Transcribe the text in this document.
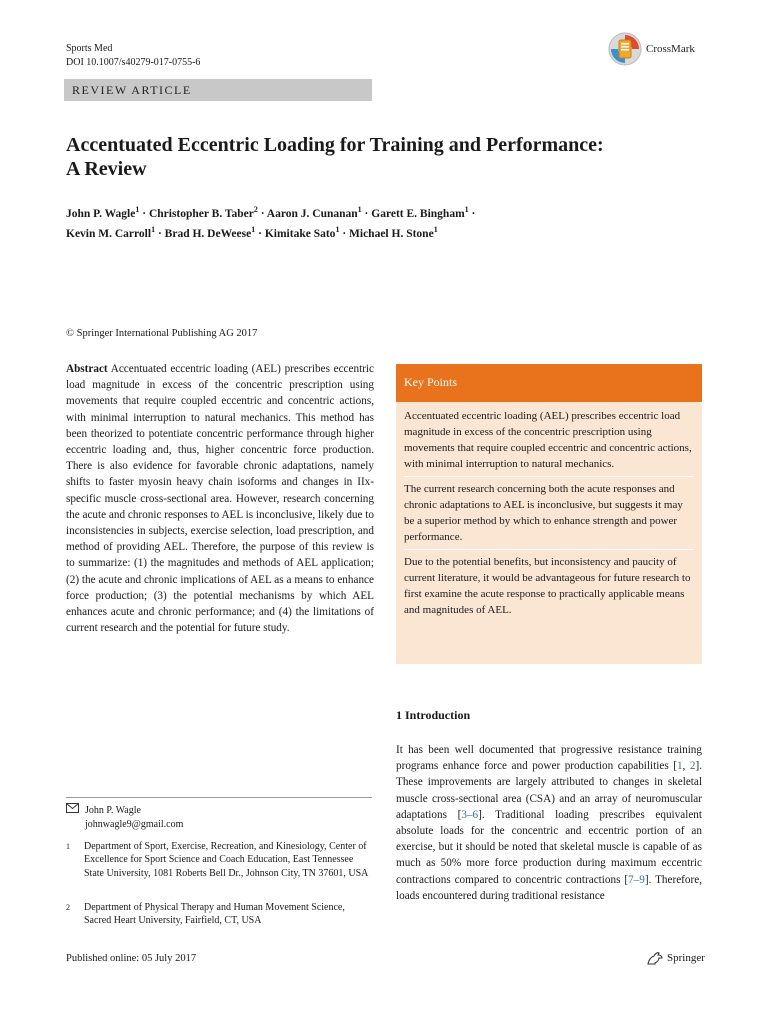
Sports Med
DOI 10.1007/s40279-017-0755-6
CrossMark
REVIEW ARTICLE
Accentuated Eccentric Loading for Training and Performance:
A Review
John P. Wagle$^1$ · Christopher B. Taber$^2$ · Aaron J. Cunanan$^1$ · Garett E. Bingham$^1$ ·
Kevin M. Carroll$^1$ · Brad H. DeWeese$^1$ · Kimitake Sato$^1$ · Michael H. Stone$^1$
© Springer International Publishing AG 2017
Abstract Accentuated eccentric loading (AEL) prescribes eccentric load magnitude in excess of the concentric prescription using movements that require coupled eccentric and concentric actions, with minimal interruption to natural mechanics. This method has been theorized to potentiate concentric performance through higher eccentric loading and, thus, higher concentric force production. There is also evidence for favorable chronic adaptations, namely shifts to faster myosin heavy chain isoforms and changes in IIx-specific muscle cross-sectional area. However, research concerning the acute and chronic responses to AEL is inconclusive, likely due to inconsistencies in subjects, exercise selection, load prescription, and method of providing AEL. Therefore, the purpose of this review is to summarize: (1) the magnitudes and methods of AEL application; (2) the acute and chronic implications of AEL as a means to enhance force production; (3) the potential mechanisms by which AEL enhances acute and chronic performance; and (4) the limitations of current research and the potential for future study.
Key Points
Accentuated eccentric loading (AEL) prescribes eccentric load magnitude in excess of the concentric prescription using movements that require coupled eccentric and concentric actions, with minimal interruption to natural mechanics.
The current research concerning both the acute responses and chronic adaptations to AEL is inconclusive, but suggests it may be a superior method by which to enhance strength and power performance.
Due to the potential benefits, but inconsistency and paucity of current literature, it would be advantageous for future research to first examine the acute response to practically applicable means and magnitudes of AEL.
1 Introduction
It has been well documented that progressive resistance training programs enhance force and power production capabilities [1, 2]. These improvements are largely attributed to changes in skeletal muscle cross-sectional area (CSA) and an array of neuromuscular adaptations [3–6]. Traditional loading prescribes equivalent absolute loads for the concentric and eccentric portion of an exercise, but it should be noted that skeletal muscle is capable of as much as 50% more force production during maximum eccentric contractions compared to concentric contractions [7–9]. Therefore, loads encountered during traditional resistance
John P. Wagle
johnwagle9@gmail.com
1	Department of Sport, Exercise, Recreation, and Kinesiology, Center of Excellence for Sport Science and Coach Education, East Tennessee State University, 1081 Roberts Bell Dr., Johnson City, TN 37601, USA
2	Department of Physical Therapy and Human Movement Science, Sacred Heart University, Fairfield, CT, USA
Published online: 05 July 2017	Springer
